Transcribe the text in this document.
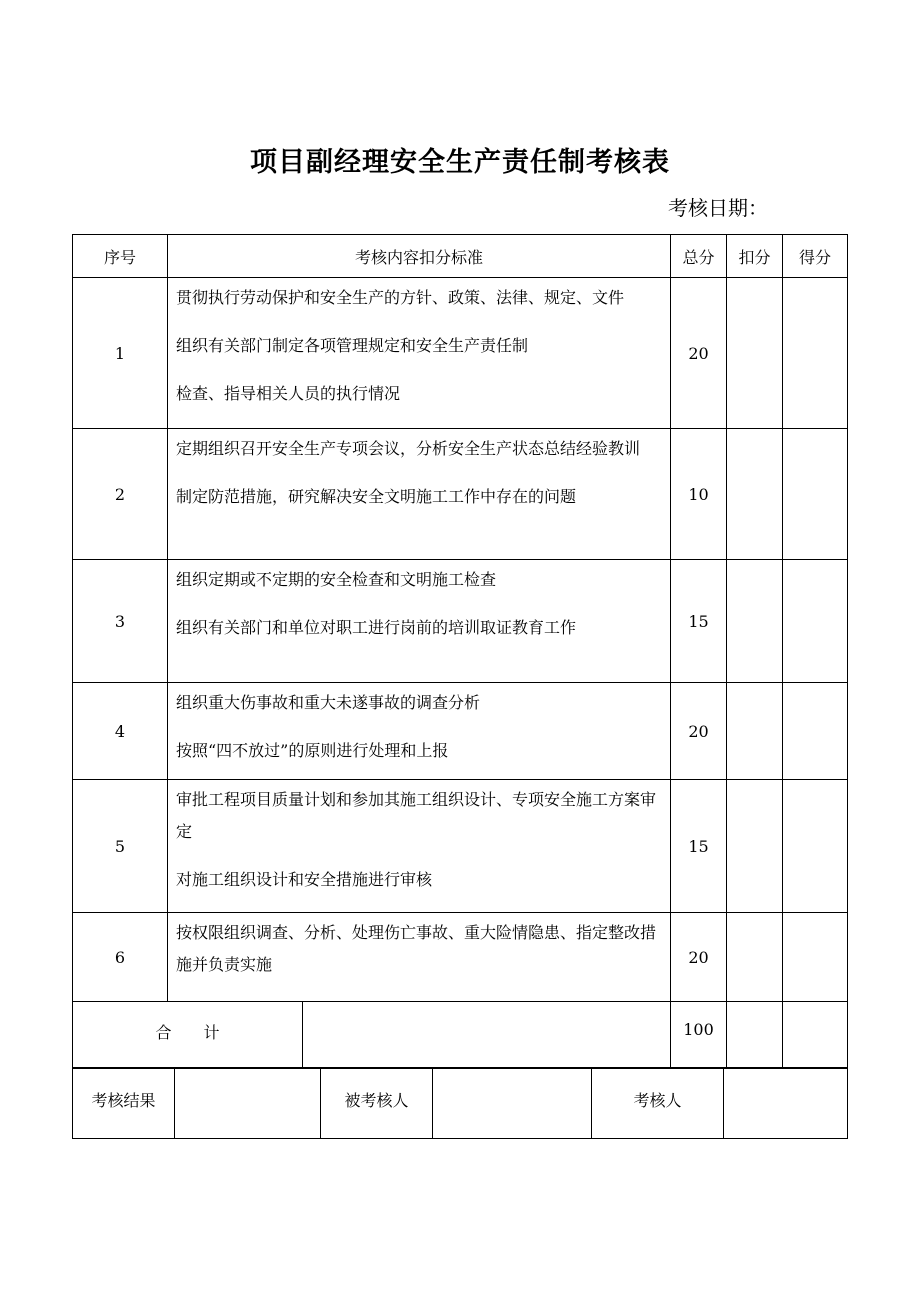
项目副经理安全生产责任制考核表
考核日期：
序号	考核内容扣分标准		总分	扣分	得分
1	贯彻执行劳动保护和安全生产的方针、政策、法律、规定、文件
组织有关部门制定各项管理规定和安全生产责任制
检查、指导相关人员的执行情况		20		
2	定期组织召开安全生产专项会议，分析安全生产状态总结经验教训
制定防范措施，研究解决安全文明施工工作中存在的问题		10		
3	组织定期或不定期的安全检查和文明施工检查
组织有关部门和单位对职工进行岗前的培训取证教育工作		15		
4	组织重大伤事故和重大未遂事故的调查分析
按照“四不放过”的原则进行处理和上报		20		
5	审批工程项目质量计划和参加其施工组织设计、专项安全施工方案审定
对施工组织设计和安全措施进行审核		15		
6	按权限组织调查、分析、处理伤亡事故、重大险情隐患、指定整改措施并负责实施		20		
合　　计			100		
考核结果		被考核人		考核人	
